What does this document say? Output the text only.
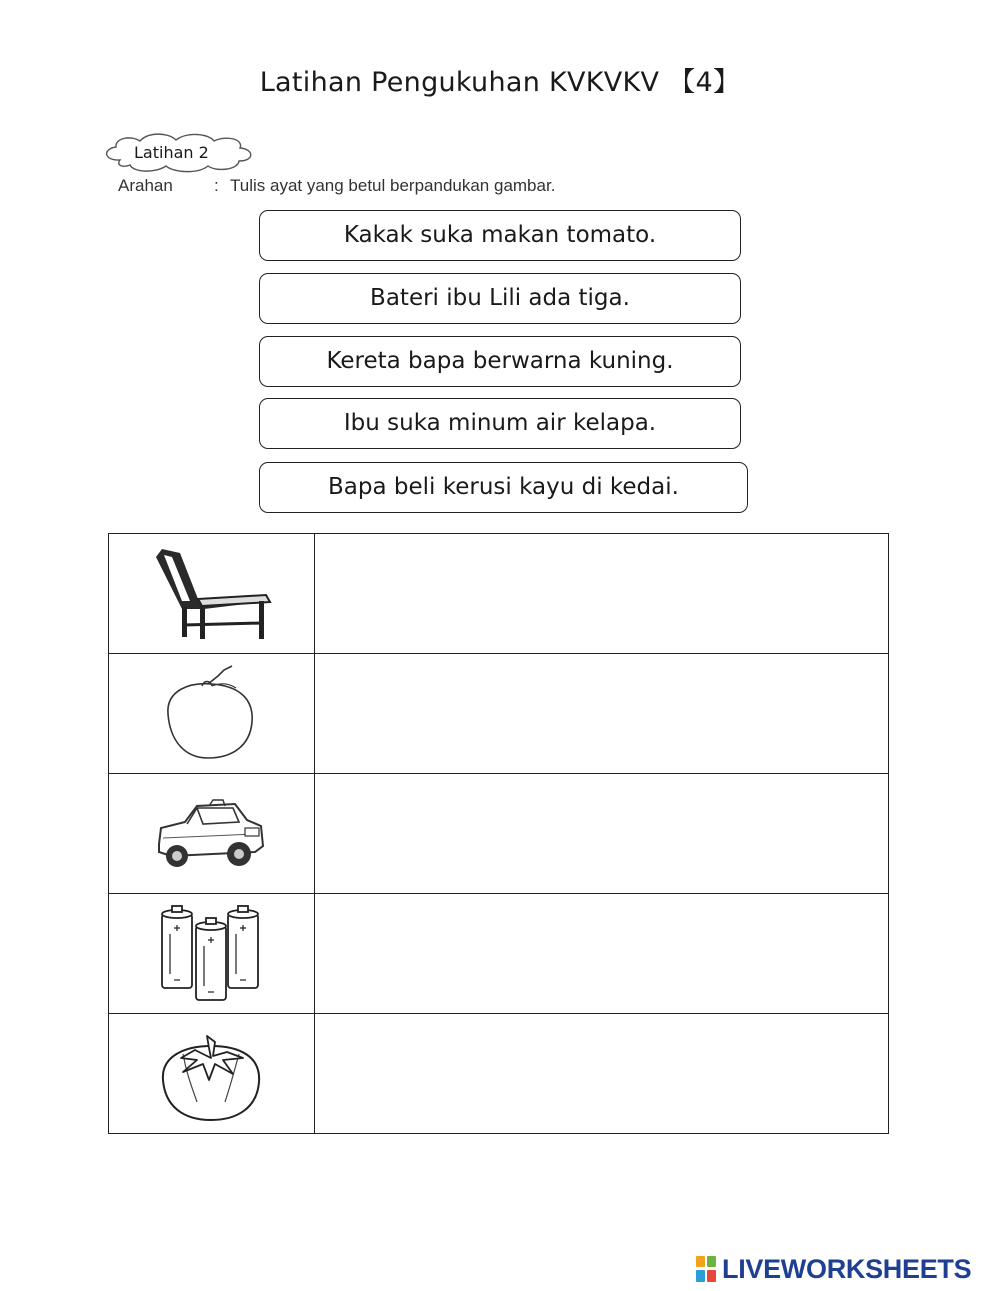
Latihan Pengukuhan KVKVKV 【4】
Latihan 2
Arahan : Tulis ayat yang betul berpandukan gambar.
Kakak suka makan tomato.
Bateri ibu Lili ada tiga.
Kereta bapa berwarna kuning.
Ibu suka minum air kelapa.
Bapa beli kerusi kayu di kedai.

LIVEWORKSHEETS
